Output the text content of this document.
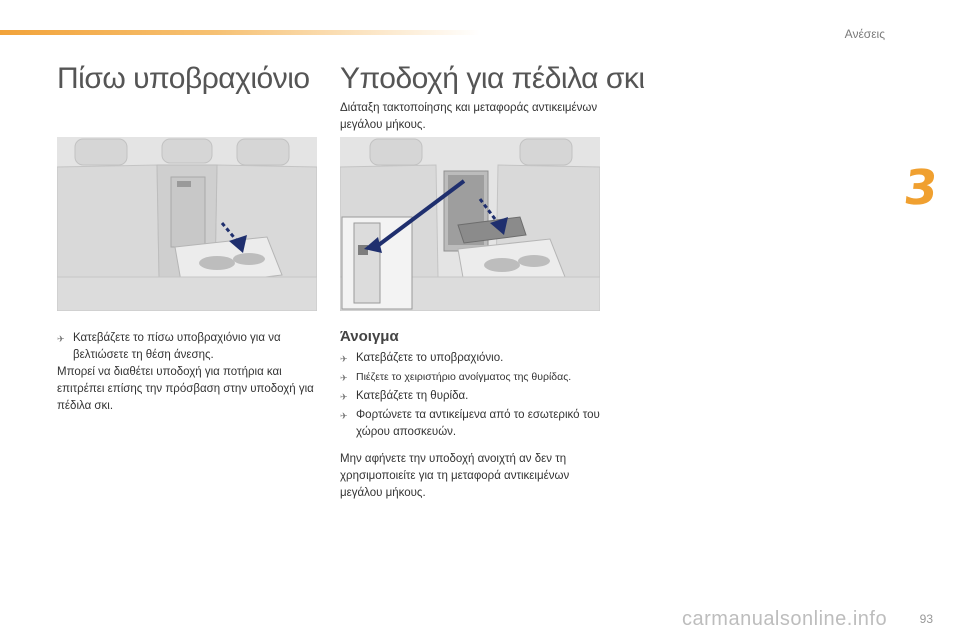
Ανέσεις
3
Πίσω υποβραχιόνιο Υποδοχή για πέδιλα σκι
Διάταξη τακτοποίησης και μεταφοράς αντικειμένων μεγάλου μήκους.
✈ Κατεβάζετε το πίσω υποβραχιόνιο για να βελτιώσετε τη θέση άνεσης.
Μπορεί να διαθέτει υποδοχή για ποτήρια και επιτρέπει επίσης την πρόσβαση στην υποδοχή για πέδιλα σκι.
Άνοιγμα
✈ Κατεβάζετε το υποβραχιόνιο.
✈ Πιέζετε το χειριστήριο ανοίγματος της θυρίδας.
✈ Κατεβάζετε τη θυρίδα.
✈ Φορτώνετε τα αντικείμενα από το εσωτερικό του χώρου αποσκευών.
Μην αφήνετε την υποδοχή ανοιχτή αν δεν τη χρησιμοποιείτε για τη μεταφορά αντικειμένων μεγάλου μήκους.
carmanualsonline.info	93
